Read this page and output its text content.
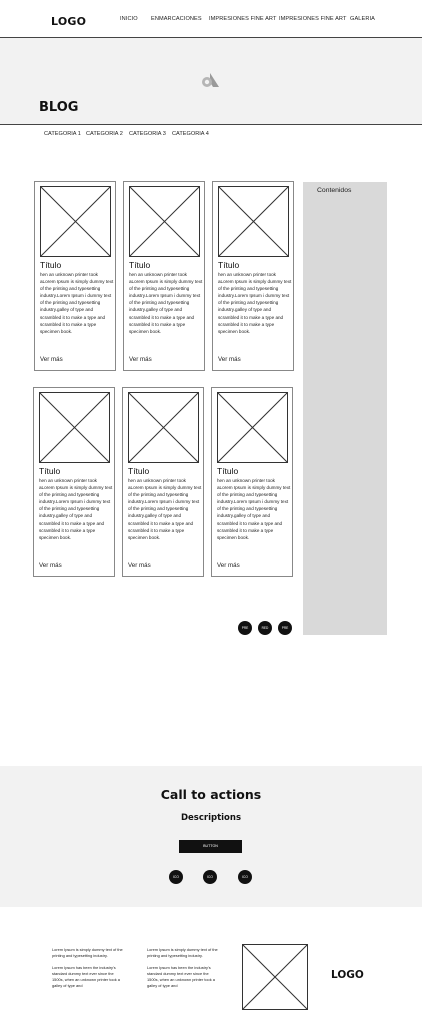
LOGO	INICIO ENMARCACIONES IMPRESIONES FINE ART IMPRESIONES FINE ART GALERIA
BLOG
CATEGORIA 1 CATEGORIA 2 CATEGORIA 3 CATEGORIA 4
Título
hen an unknown printer took aLorem Ipsum is simply dummy text of the printing and typesetting industry.Lorem Ipsum i dummy text of the printing and typesetting industry.galley of type and scrambled it to make a type and scrambled it to make a type specimen book.
Ver más
Título
hen an unknown printer took aLorem Ipsum is simply dummy text of the printing and typesetting industry.Lorem Ipsum i dummy text of the printing and typesetting industry.galley of type and scrambled it to make a type and scrambled it to make a type specimen book.
Ver más
Título
hen an unknown printer took aLorem Ipsum is simply dummy text of the printing and typesetting industry.Lorem Ipsum i dummy text of the printing and typesetting industry.galley of type and scrambled it to make a type and scrambled it to make a type specimen book.
Ver más
Título
hen an unknown printer took aLorem Ipsum is simply dummy text of the printing and typesetting industry.Lorem Ipsum i dummy text of the printing and typesetting industry.galley of type and scrambled it to make a type and scrambled it to make a type specimen book.
Ver más
Título
hen an unknown printer took aLorem Ipsum is simply dummy text of the printing and typesetting industry.Lorem Ipsum i dummy text of the printing and typesetting industry.galley of type and scrambled it to make a type and scrambled it to make a type specimen book.
Ver más
Título
hen an unknown printer took aLorem Ipsum is simply dummy text of the printing and typesetting industry.Lorem Ipsum i dummy text of the printing and typesetting industry.galley of type and scrambled it to make a type and scrambled it to make a type specimen book.
Ver más
Contenidos
PRE	RED	PRE
Call to actions
Descriptions
BUTTON
ICO	ICO	ICO

Lorem Ipsum is simply dummy text of the printing and typesetting industry.

Lorem Ipsum has been the industry's standard dummy text ever since the 1500s, when an unknown printer took a galley of type and

Lorem Ipsum is simply dummy text of the printing and typesetting industry.

Lorem Ipsum has been the industry's standard dummy text ever since the 1500s, when an unknown printer took a galley of type and

LOGO
